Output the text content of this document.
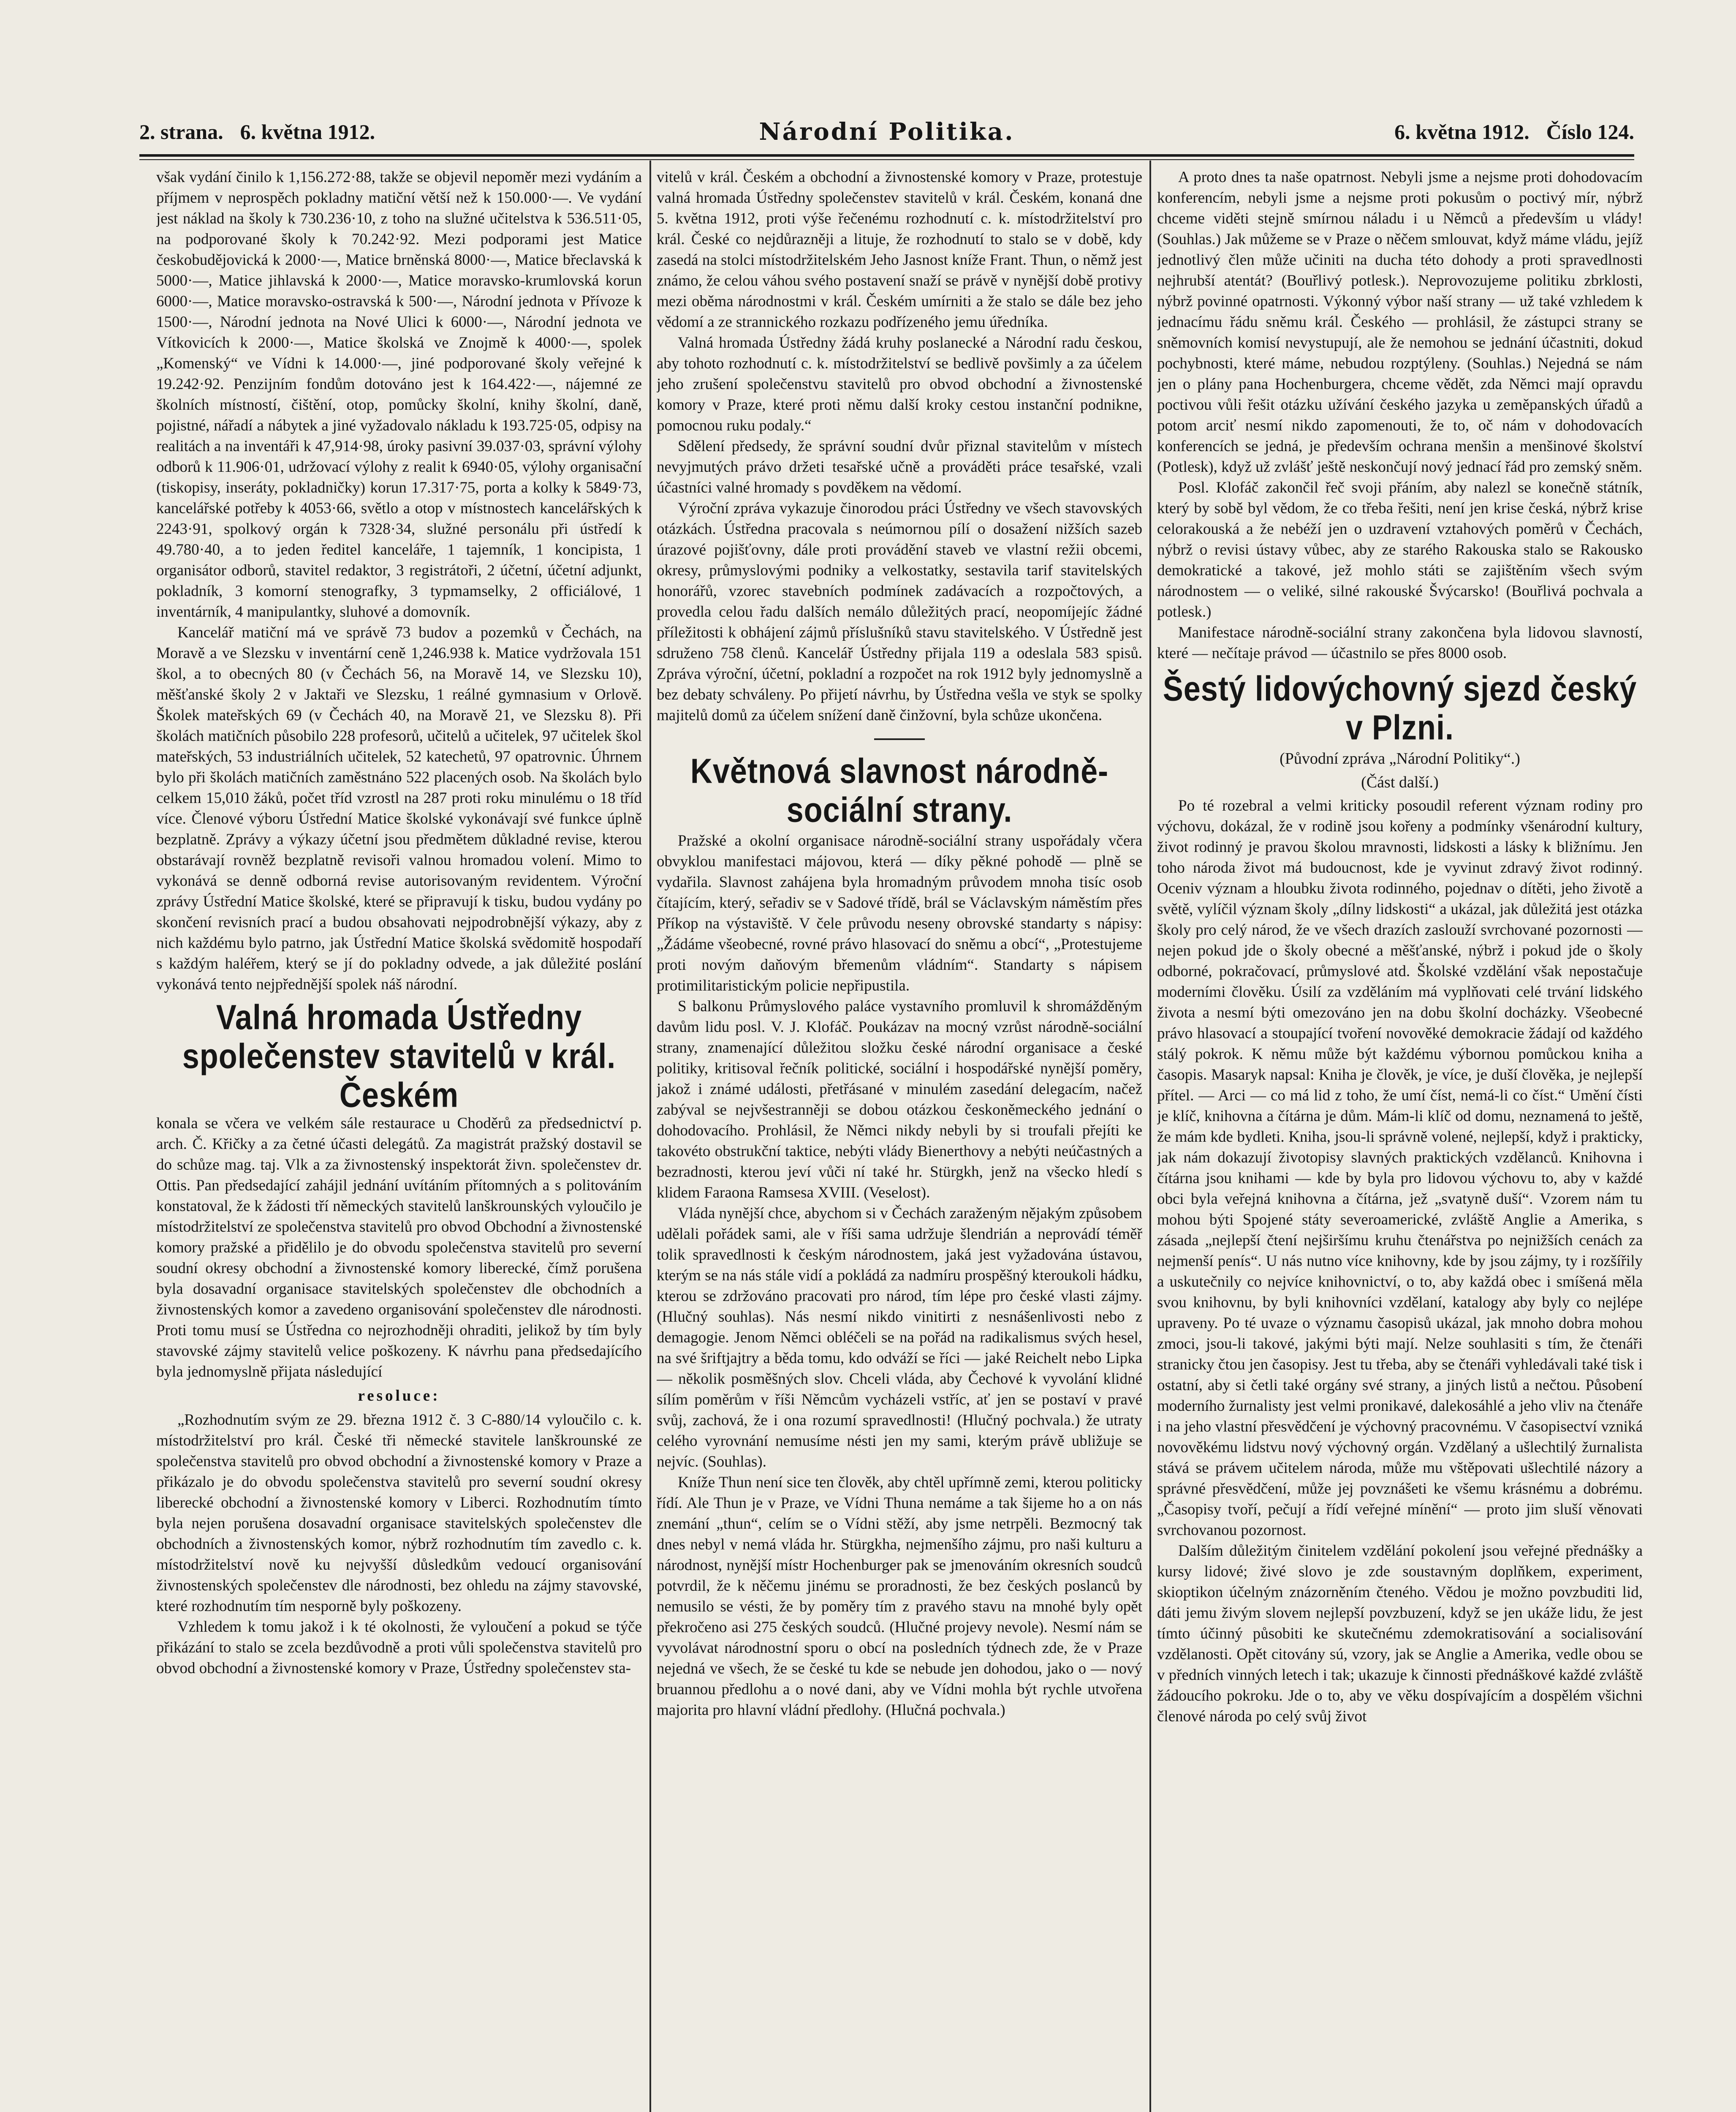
2. strana. 6. května 1912.	Národní Politika.	6. května 1912. Číslo 124.

však vydání činilo k 1,156.272·88, takže se objevil nepoměr mezi vydáním a příjmem v neprospěch pokladny matiční větší než k 150.000·—. Ve vydání jest náklad na školy k 730.236·10, z toho na služné učitelstva k 536.511·05, na podporované školy k 70.242·92. Mezi podporami jest Matice českobudějovická k 2000·—, Matice brněnská 8000·—, Matice břeclavská k 5000·—, Matice jihlavská k 2000·—, Matice moravsko-krumlovská korun 6000·—, Matice moravsko-ostravská k 500·—, Národní jednota v Přívoze k 1500·—, Národní jednota na Nové Ulici k 6000·—, Národní jednota ve Vítkovicích k 2000·—, Matice školská ve Znojmě k 4000·—, spolek „Komenský“ ve Vídni k 14.000·—, jiné podporované školy veřejné k 19.242·92. Penzijním fondům dotováno jest k 164.422·—, nájemné ze školních místností, čištění, otop, pomůcky školní, knihy školní, daně, pojistné, nářadí a nábytek a jiné vyžadovalo nákladu k 193.725·05, odpisy na realitách a na inventáři k 47,914·98, úroky pasivní 39.037·03, správní výlohy odborů k 11.906·01, udržovací výlohy z realit k 6940·05, výlohy organisační (tiskopisy, inseráty, pokladničky) korun 17.317·75, porta a kolky k 5849·73, kancelářské potřeby k 4053·66, světlo a otop v místnostech kancelářských k 2243·91, spolkový orgán k 7328·34, služné personálu při ústředí k 49.780·40, a to jeden ředitel kanceláře, 1 tajemník, 1 koncipista, 1 organisátor odborů, stavitel redaktor, 3 registrátoři, 2 účetní, účetní adjunkt, pokladník, 3 komorní stenografky, 3 typmamselky, 2 officiálové, 1 inventárník, 4 manipulantky, sluhové a domovník.

Kancelář matiční má ve správě 73 budov a pozemků v Čechách, na Moravě a ve Slezsku v inventární ceně 1,246.938 k. Matice vydržovala 151 škol, a to obecných 80 (v Čechách 56, na Moravě 14, ve Slezsku 10), měšťanské školy 2 v Jaktaři ve Slezsku, 1 reálné gymnasium v Orlově. Školek mateřských 69 (v Čechách 40, na Moravě 21, ve Slezsku 8). Při školách matičních působilo 228 profesorů, učitelů a učitelek, 97 učitelek škol mateřských, 53 industriálních učitelek, 52 katechetů, 97 opatrovnic. Úhrnem bylo při školách matičních zaměstnáno 522 placených osob. Na školách bylo celkem 15,010 žáků, počet tříd vzrostl na 287 proti roku minulému o 18 tříd více. Členové výboru Ústřední Matice školské vykonávají své funkce úplně bezplatně. Zprávy a výkazy účetní jsou předmětem důkladné revise, kterou obstarávají rovněž bezplatně revisoři valnou hromadou volení. Mimo to vykonává se denně odborná revise autorisovaným revidentem. Výroční zprávy Ústřední Matice školské, které se připravují k tisku, budou vydány po skončení revisních prací a budou obsahovati nejpodrobnější výkazy, aby z nich každému bylo patrno, jak Ústřední Matice školská svědomitě hospodaří s každým haléřem, který se jí do pokladny odvede, a jak důležité poslání vykonává tento nejpřednější spolek náš národní.

Valná hromada Ústředny společenstev stavitelů v král. Českém

konala se včera ve velkém sále restaurace u Choděrů za předsednictví p. arch. Č. Křičky a za četné účasti delegátů. Za magistrát pražský dostavil se do schůze mag. taj. Vlk a za živnostenský inspektorát živn. společenstev dr. Ottis. Pan předsedající zahájil jednání uvítáním přítomných a s politováním konstatoval, že k žádosti tří německých stavitelů lanškrounských vyloučilo je místodržitelství ze společenstva stavitelů pro obvod Obchodní a živnostenské komory pražské a přidělilo je do obvodu společenstva stavitelů pro severní soudní okresy obchodní a živnostenské komory liberecké, čímž porušena byla dosavadní organisace stavitelských společenstev dle obchodních a živnostenských komor a zavedeno organisování společenstev dle národnosti. Proti tomu musí se Ústředna co nejrozhodněji ohraditi, jelikož by tím byly stavovské zájmy stavitelů velice poškozeny. K návrhu pana předsedajícího byla jednomyslně přijata následující

resoluce:

„Rozhodnutím svým ze 29. března 1912 č. 3 C-880/14 vyloučilo c. k. místodržitelství pro král. České tři německé stavitele lanškrounské ze společenstva stavitelů pro obvod obchodní a živnostenské komory v Praze a přikázalo je do obvodu společenstva stavitelů pro severní soudní okresy liberecké obchodní a živnostenské komory v Liberci. Rozhodnutím tímto byla nejen porušena dosavadní organisace stavitelských společenstev dle obchodních a živnostenských komor, nýbrž rozhodnutím tím zavedlo c. k. místodržitelství nově ku nejvyšší důsledkům vedoucí organisování živnostenských společenstev dle národnosti, bez ohledu na zájmy stavovské, které rozhodnutím tím nesporně byly poškozeny.

Vzhledem k tomu jakož i k té okolnosti, že vyloučení a pokud se týče přikázání to stalo se zcela bezdůvodně a proti vůli společenstva stavitelů pro obvod obchodní a živnostenské komory v Praze, Ústředny společenstev sta-

vitelů v král. Českém a obchodní a živnostenské komory v Praze, protestuje valná hromada Ústředny společenstev stavitelů v král. Českém, konaná dne 5. května 1912, proti výše řečenému rozhodnutí c. k. místodržitelství pro král. České co nejdůrazněji a lituje, že rozhodnutí to stalo se v době, kdy zasedá na stolci místodržitelském Jeho Jasnost kníže Frant. Thun, o němž jest známo, že celou váhou svého postavení snaží se právě v nynější době protivy mezi oběma národnostmi v král. Českém umírniti a že stalo se dále bez jeho vědomí a ze strannického rozkazu podřízeného jemu úředníka.

Valná hromada Ústředny žádá kruhy poslanecké a Národní radu českou, aby tohoto rozhodnutí c. k. místodržitelství se bedlivě povšimly a za účelem jeho zrušení společenstvu stavitelů pro obvod obchodní a živnostenské komory v Praze, které proti němu další kroky cestou instanční podnikne, pomocnou ruku podaly.“

Sdělení předsedy, že správní soudní dvůr přiznal stavitelům v místech nevyjmutých právo držeti tesařské učně a prováděti práce tesařské, vzali účastníci valné hromady s povděkem na vědomí.

Výroční zpráva vykazuje činorodou práci Ústředny ve všech stavovských otázkách. Ústředna pracovala s neúmornou pílí o dosažení nižších sazeb úrazové pojišťovny, dále proti provádění staveb ve vlastní režii obcemi, okresy, průmyslovými podniky a velkostatky, sestavila tarif stavitelských honorářů, vzorec stavebních podmínek zadávacích a rozpočtových, a provedla celou řadu dalších nemálo důležitých prací, neopomíjejíc žádné příležitosti k obhájení zájmů příslušníků stavu stavitelského. V Ústředně jest sdruženo 758 členů. Kancelář Ústředny přijala 119 a odeslala 583 spisů. Zpráva výroční, účetní, pokladní a rozpočet na rok 1912 byly jednomyslně a bez debaty schváleny. Po přijetí návrhu, by Ústředna vešla ve styk se spolky majitelů domů za účelem snížení daně činžovní, byla schůze ukončena.

Květnová slavnost národně-sociální strany.

Pražské a okolní organisace národně-sociální strany uspořádaly včera obvyklou manifestaci májovou, která — díky pěkné pohodě — plně se vydařila. Slavnost zahájena byla hromadným průvodem mnoha tisíc osob čítajícím, který, seřadiv se v Sadové třídě, brál se Václavským náměstím přes Příkop na výstaviště. V čele průvodu neseny obrovské standarty s nápisy: „Žádáme všeobecné, rovné právo hlasovací do sněmu a obcí“, „Protestujeme proti novým daňovým břemenům vládním“. Standarty s nápisem protimilitaristickým policie nepřipustila.

S balkonu Průmyslového paláce vystavního promluvil k shromážděným davům lidu posl. V. J. Klofáč. Poukázav na mocný vzrůst národně-sociální strany, znamenající důležitou složku české národní organisace a české politiky, kritisoval řečník politické, sociální i hospodářské nynější poměry, jakož i známé události, přetřásané v minulém zasedání delegacím, načež zabýval se nejvšestranněji se dobou otázkou českoněmeckého jednání o dohodovacího. Prohlásil, že Němci nikdy nebyli by si troufali přejíti ke takovéto obstrukční taktice, nebýti vlády Bienerthovy a nebýti neúčastných a bezradnosti, kterou jeví vůči ní také hr. Stürgkh, jenž na všecko hledí s klidem Faraona Ramsesa XVIII. (Veselost).

Vláda nynější chce, abychom si v Čechách zaraženým nějakým způsobem udělali pořádek sami, ale v říši sama udržuje šlendrián a neprovádí téměř tolik spravedlnosti k českým národnostem, jaká jest vyžadována ústavou, kterým se na nás stále vidí a pokládá za nadmíru prospěšný kteroukoli hádku, kterou se zdržováno pracovati pro národ, tím lépe pro české vlasti zájmy. (Hlučný souhlas). Nás nesmí nikdo vinitirti z nesnášenlivosti nebo z demagogie. Jenom Němci obléčeli se na pořád na radikalismus svých hesel, na své šriftjajtry a běda tomu, kdo odváží se říci — jaké Reichelt nebo Lipka — několik posměšných slov. Chceli vláda, aby Čechové k vyvolání klidné sílím poměrům v říši Němcům vycházeli vstříc, ať jen se postaví v pravé svůj, zachová, že i ona rozumí spravedlnosti! (Hlučný pochvala.) že utraty celého vyrovnání nemusíme nésti jen my sami, kterým právě ubližuje se nejvíc. (Souhlas).

Kníže Thun není sice ten člověk, aby chtěl upřímně zemi, kterou politicky řídí. Ale Thun je v Praze, ve Vídni Thuna nemáme a tak šijeme ho a on nás znemání „thun“, celím se o Vídni stěží, aby jsme netrpěli. Bezmocný tak dnes nebyl v nemá vláda hr. Stürgkha, nejmenšího zájmu, pro naši kulturu a národnost, nynější místr Hochenburger pak se jmenováním okresních soudců potvrdil, že k něčemu jinému se proradnosti, že bez českých poslanců by nemusilo se vésti, že by poměry tím z pravého stavu na mnohé byly opět překročeno asi 275 českých soudců. (Hlučné projevy nevole). Nesmí nám se vyvolávat národnostní sporu o obcí na posledních týdnech zde, že v Praze nejedná ve všech, že se české tu kde se nebude jen dohodou, jako o — nový bruannou předlohu a o nové dani, aby ve Vídni mohla být rychle utvořena majorita pro hlavní vládní předlohy. (Hlučná pochvala.)

A proto dnes ta naše opatrnost. Nebyli jsme a nejsme proti dohodovacím konferencím, nebyli jsme a nejsme proti pokusům o poctivý mír, nýbrž chceme viděti stejně smírnou náladu i u Němců a především u vlády! (Souhlas.) Jak můžeme se v Praze o něčem smlouvat, když máme vládu, jejíž jednotlivý člen může učiniti na ducha této dohody a proti spravedlnosti nejhrubší atentát? (Bouřlivý potlesk.). Neprovozujeme politiku zbrklosti, nýbrž povinné opatrnosti. Výkonný výbor naší strany — už také vzhledem k jednacímu řádu sněmu král. Českého — prohlásil, že zástupci strany se sněmovních komisí nevystupují, ale že nemohou se jednání účastniti, dokud pochybnosti, které máme, nebudou rozptýleny. (Souhlas.) Nejedná se nám jen o plány pana Hochenburgera, chceme vědět, zda Němci mají opravdu poctivou vůli řešit otázku užívání českého jazyka u zeměpanských úřadů a potom arciť nesmí nikdo zapomenouti, že to, oč nám v dohodovacích konferencích se jedná, je především ochrana menšin a menšinové školství (Potlesk), když už zvlášť ještě neskončují nový jednací řád pro zemský sněm.

Posl. Klofáč zakončil řeč svoji přáním, aby nalezl se konečně státník, který by sobě byl vědom, že co třeba řešiti, není jen krise česká, nýbrž krise celorakouská a že nebéží jen o uzdravení vztahových poměrů v Čechách, nýbrž o revisi ústavy vůbec, aby ze starého Rakouska stalo se Rakousko demokratické a takové, jež mohlo státi se zajištěním všech svým národnostem — o veliké, silné rakouské Švýcarsko! (Bouřlivá pochvala a potlesk.)

Manifestace národně-sociální strany zakončena byla lidovou slavností, které — nečítaje právod — účastnilo se přes 8000 osob.

Šestý lidovýchovný sjezd český v Plzni.
(Původní zpráva „Národní Politiky“.)
(Část další.)

Po té rozebral a velmi kriticky posoudil referent význam rodiny pro výchovu, dokázal, že v rodině jsou kořeny a podmínky všenárodní kultury, život rodinný je pravou školou mravnosti, lidskosti a lásky k bližnímu. Jen toho národa život má budoucnost, kde je vyvinut zdravý život rodinný. Oceniv význam a hloubku života rodinného, pojednav o dítěti, jeho životě a světě, vylíčil význam školy „dílny lidskosti“ a ukázal, jak důležitá jest otázka školy pro celý národ, že ve všech drazích zaslouží svrchované pozornosti — nejen pokud jde o školy obecné a měšťanské, nýbrž i pokud jde o školy odborné, pokračovací, průmyslové atd. Školské vzdělání však nepostačuje moderními člověku. Úsilí za vzděláním má vyplňovati celé trvání lidského života a nesmí býti omezováno jen na dobu školní docházky. Všeobecné právo hlasovací a stoupající tvoření novověké demokracie žádají od každého stálý pokrok. K němu může být každému výbornou pomůckou kniha a časopis. Masaryk napsal: Kniha je člověk, je více, je duší člověka, je nejlepší přítel. — Arci — co má lid z toho, že umí číst, nemá-li co číst.“ Umění čísti je klíč, knihovna a čítárna je dům. Mám-li klíč od domu, neznamená to ještě, že mám kde bydleti. Kniha, jsou-li správně volené, nejlepší, když i prakticky, jak nám dokazují životopisy slavných praktických vzdělanců. Knihovna i čítárna jsou knihami — kde by byla pro lidovou výchovu to, aby v každé obci byla veřejná knihovna a čítárna, jež „svatyně duší“. Vzorem nám tu mohou býti Spojené státy severoamerické, zvláště Anglie a Amerika, s zásada „nejlepší čtení nejširšímu kruhu čtenářstva po nejnižších cenách za nejmenší penís“. U nás nutno více knihovny, kde by jsou zájmy, ty i rozšířily a uskutečnily co nejvíce knihovnictví, o to, aby každá obec i smíšená měla svou knihovnu, by byli knihovníci vzdělaní, katalogy aby byly co nejlépe upraveny. Po té uvaze o významu časopisů ukázal, jak mnoho dobra mohou zmoci, jsou-li takové, jakými býti mají. Nelze souhlasiti s tím, že čtenáři stranicky čtou jen časopisy. Jest tu třeba, aby se čtenáři vyhledávali také tisk i ostatní, aby si četli také orgány své strany, a jiných listů a nečtou. Působení moderního žurnalisty jest velmi pronikavé, dalekosáhlé a jeho vliv na čtenáře i na jeho vlastní přesvědčení je výchovný pracovnému. V časopisectví vzniká novověkému lidstvu nový výchovný orgán. Vzdělaný a ušlechtilý žurnalista stává se právem učitelem národa, může mu vštěpovati ušlechtilé názory a správné přesvědčení, může jej povznášeti ke všemu krásnému a dobrému. „Časopisy tvoří, pečují a řídí veřejné mínění“ — proto jim sluší věnovati svrchovanou pozornost.

Dalším důležitým činitelem vzdělání pokolení jsou veřejné přednášky a kursy lidové; živé slovo je zde soustavným doplňkem, experiment, skioptikon účelným znázorněním čteného. Vědou je možno povzbuditi lid, dáti jemu živým slovem nejlepší povzbuzení, když se jen ukáže lidu, že jest tímto účinný působiti ke skutečnému zdemokratisování a socialisování vzdělanosti. Opět citovány sú, vzory, jak se Anglie a Amerika, vedle obou se v předních vinných letech i tak; ukazuje k činnosti přednáškové každé zvláště žádoucího pokroku. Jde o to, aby ve věku dospívajícím a dospělém všichni členové národa po celý svůj život
